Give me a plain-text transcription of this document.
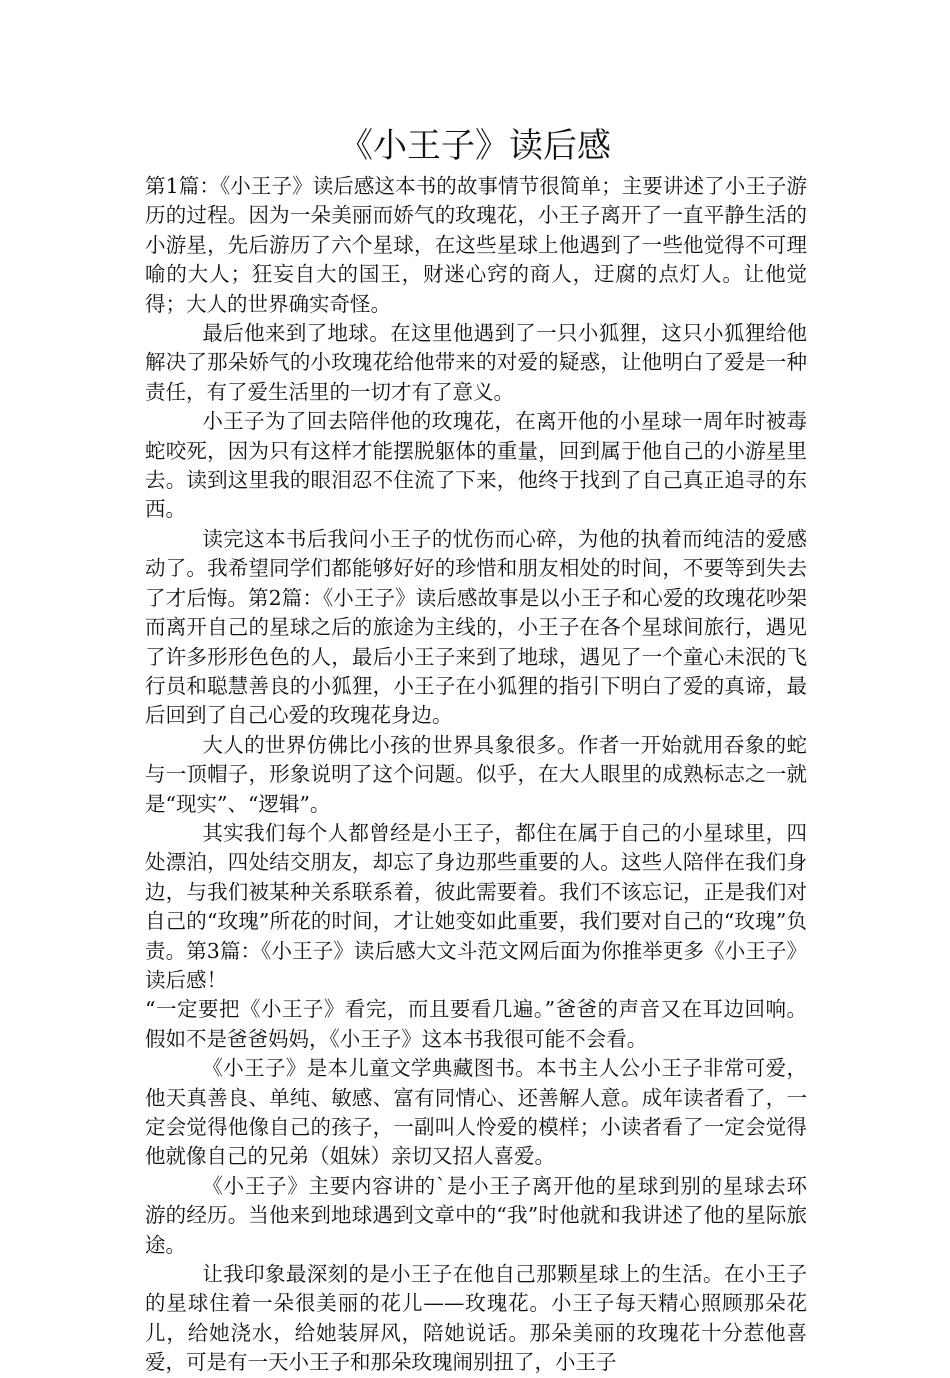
《小王子》读后感

第1篇：《小王子》读后感这本书的故事情节很简单；主要讲述了小王子游历的过程。因为一朵美丽而娇气的玫瑰花，小王子离开了一直平静生活的小游星，先后游历了六个星球，在这些星球上他遇到了一些他觉得不可理喻的大人；狂妄自大的国王，财迷心窍的商人，迂腐的点灯人。让他觉得；大人的世界确实奇怪。

最后他来到了地球。在这里他遇到了一只小狐狸，这只小狐狸给他解决了那朵娇气的小玫瑰花给他带来的对爱的疑惑，让他明白了爱是一种责任，有了爱生活里的一切才有了意义。

小王子为了回去陪伴他的玫瑰花，在离开他的小星球一周年时被毒蛇咬死，因为只有这样才能摆脱躯体的重量，回到属于他自己的小游星里去。读到这里我的眼泪忍不住流了下来，他终于找到了自己真正追寻的东西。

读完这本书后我问小王子的忧伤而心碎，为他的执着而纯洁的爱感动了。我希望同学们都能够好好的珍惜和朋友相处的时间，不要等到失去了才后悔。第2篇：《小王子》读后感故事是以小王子和心爱的玫瑰花吵架而离开自己的星球之后的旅途为主线的，小王子在各个星球间旅行，遇见了许多形形色色的人，最后小王子来到了地球，遇见了一个童心未泯的飞行员和聪慧善良的小狐狸，小王子在小狐狸的指引下明白了爱的真谛，最后回到了自己心爱的玫瑰花身边。

大人的世界仿佛比小孩的世界具象很多。作者一开始就用吞象的蛇与一顶帽子，形象说明了这个问题。似乎，在大人眼里的成熟标志之一就是“现实”、“逻辑”。

其实我们每个人都曾经是小王子，都住在属于自己的小星球里，四处漂泊，四处结交朋友，却忘了身边那些重要的人。这些人陪伴在我们身边，与我们被某种关系联系着，彼此需要着。我们不该忘记，正是我们对自己的“玫瑰”所花的时间，才让她变如此重要，我们要对自己的“玫瑰”负责。第3篇：《小王子》读后感大文斗范文网后面为你推举更多《小王子》读后感！

“一定要把《小王子》看完，而且要看几遍。”爸爸的声音又在耳边回响。假如不是爸爸妈妈，《小王子》这本书我很可能不会看。

《小王子》是本儿童文学典藏图书。本书主人公小王子非常可爱，他天真善良、单纯、敏感、富有同情心、还善解人意。成年读者看了，一定会觉得他像自己的孩子，一副叫人怜爱的模样；小读者看了一定会觉得他就像自己的兄弟（姐妹）亲切又招人喜爱。

《小王子》主要内容讲的`是小王子离开他的星球到别的星球去环游的经历。当他来到地球遇到文章中的“我”时他就和我讲述了他的星际旅途。

让我印象最深刻的是小王子在他自己那颗星球上的生活。在小王子的星球住着一朵很美丽的花儿——玫瑰花。小王子每天精心照顾那朵花儿，给她浇水，给她装屏风，陪她说话。那朵美丽的玫瑰花十分惹他喜爱，可是有一天小王子和那朵玫瑰闹别扭了，小王子
